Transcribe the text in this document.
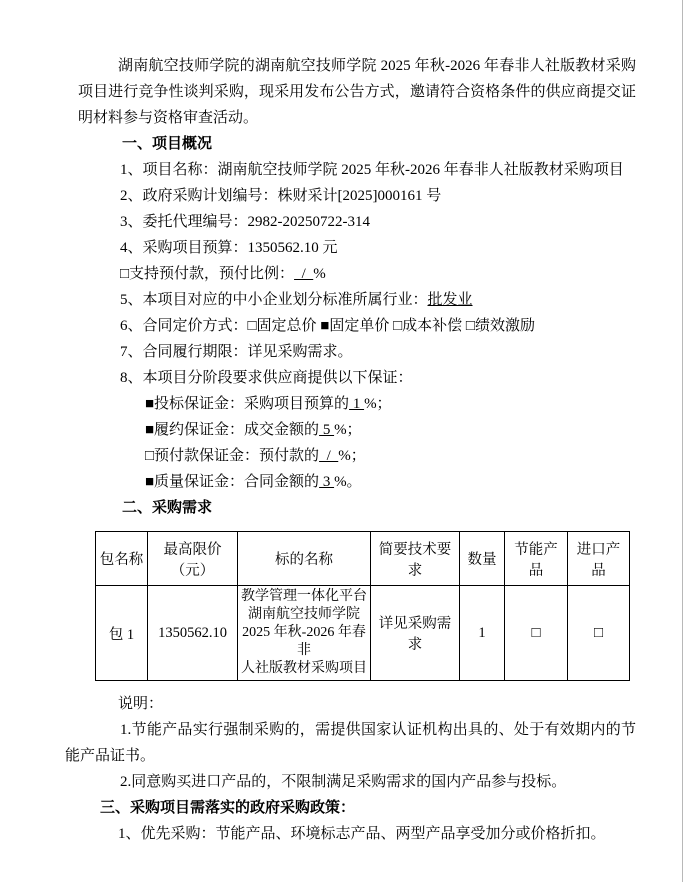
湖南航空技师学院的湖南航空技师学院 2025 年秋-2026 年春非人社版教材采购项目进行竞争性谈判采购，现采用发布公告方式，邀请符合资格条件的供应商提交证明材料参与资格审查活动。

一、项目概况

1、项目名称：湖南航空技师学院 2025 年秋-2026 年春非人社版教材采购项目

2、政府采购计划编号：株财采计[2025]000161 号

3、委托代理编号：2982-20250722-314

4、采购项目预算：1350562.10 元

□支持预付款，预付比例：  /  %

5、本项目对应的中小企业划分标准所属行业：批发业

6、合同定价方式：□固定总价 ■固定单价 □成本补偿 □绩效激励

7、合同履行期限：详见采购需求。

8、本项目分阶段要求供应商提供以下保证：

■投标保证金：采购项目预算的 1 %；

■履约保证金：成交金额的 5 %；

□预付款保证金：预付款的  /  %；

■质量保证金：合同金额的 3 %。

二、采购需求

包名称	最高限价（元）	标的名称	简要技术要求	数量	节能产品	进口产品
包 1	1350562.10	教学管理一体化平台
湖南航空技师学院
2025 年秋-2026 年春非
人社版教材采购项目	详见采购需求	1	□	□

说明：

1.节能产品实行强制采购的，需提供国家认证机构出具的、处于有效期内的节能产品证书。

2.同意购买进口产品的，不限制满足采购需求的国内产品参与投标。

三、采购项目需落实的政府采购政策：

1、优先采购：节能产品、环境标志产品、两型产品享受加分或价格折扣。
